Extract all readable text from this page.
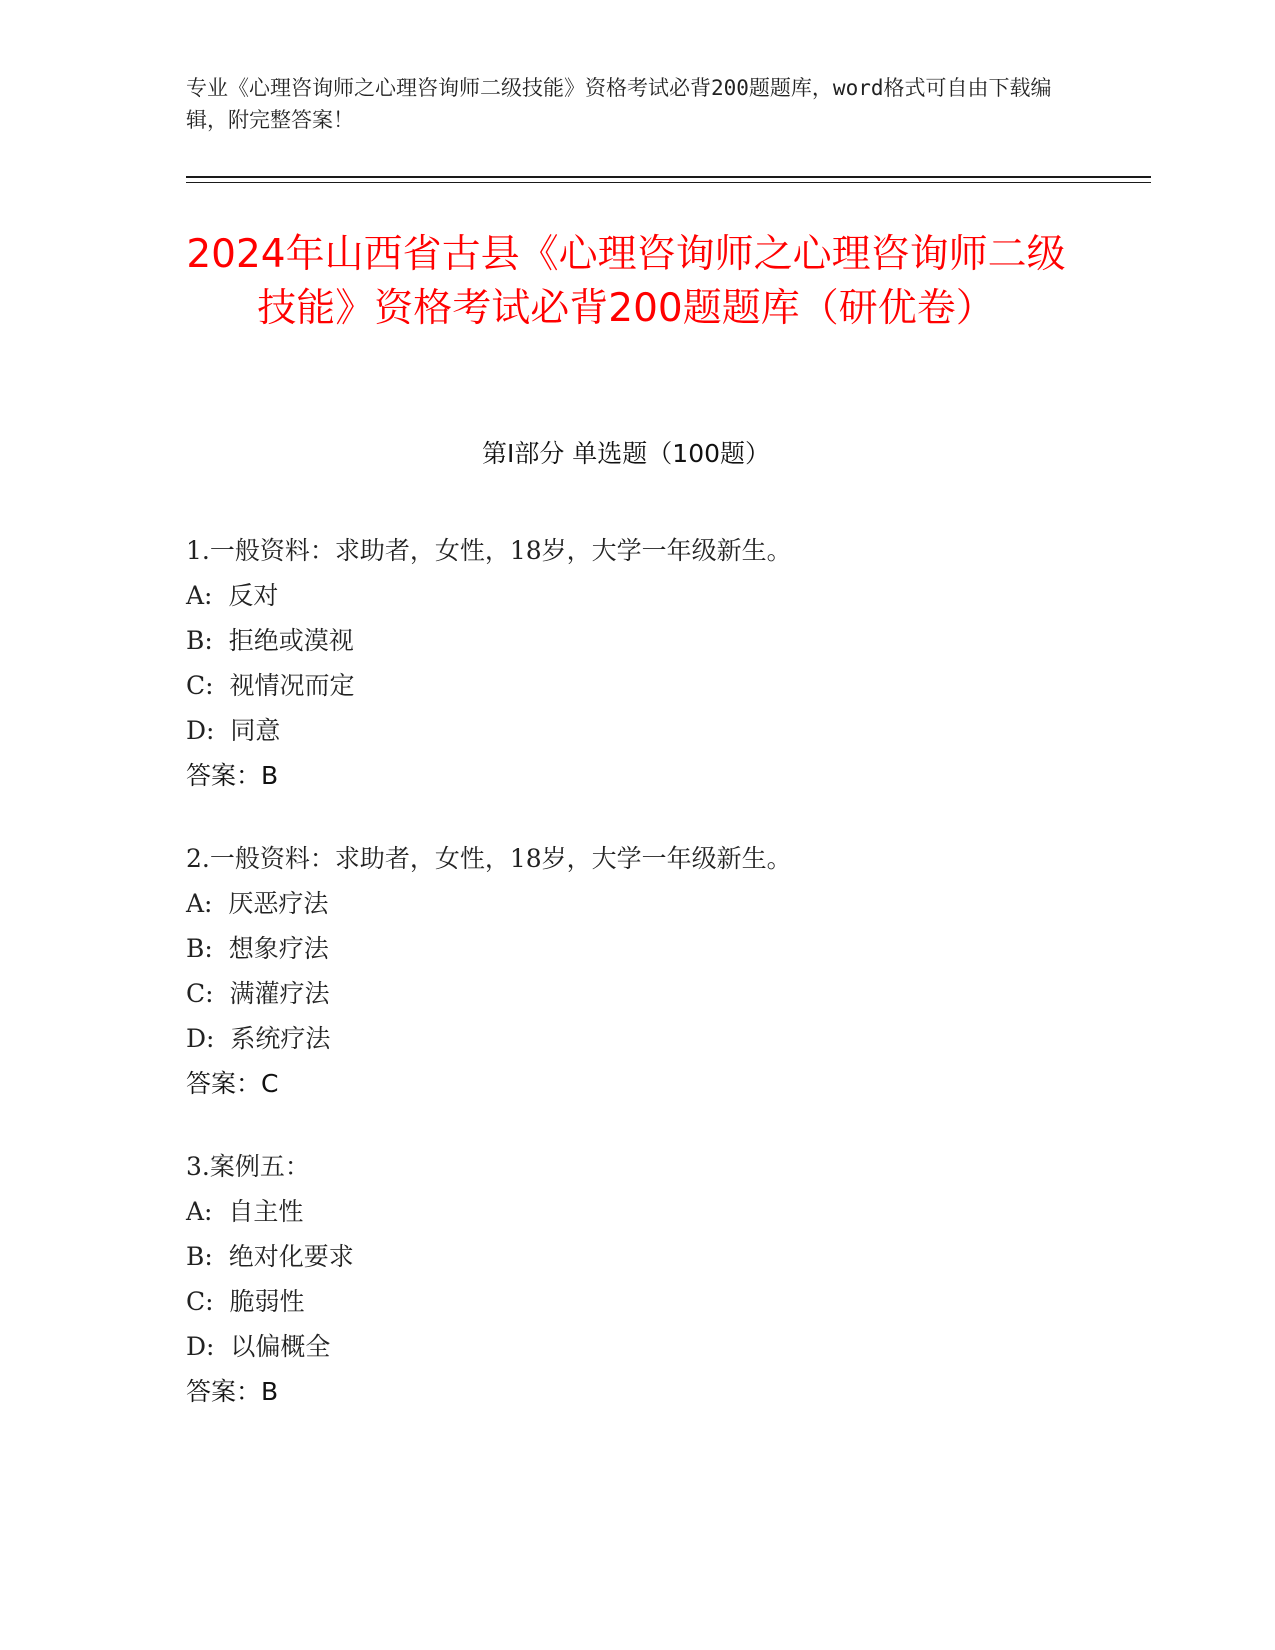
专业《心理咨询师之心理咨询师二级技能》资格考试必背200题题库，word格式可自由下载编辑，附完整答案！
2024年山西省古县《心理咨询师之心理咨询师二级技能》资格考试必背200题题库（研优卷）
第Ⅰ部分 单选题（100题）
1.一般资料：求助者，女性，18岁，大学一年级新生。
A:  反对
B:  拒绝或漠视
C:  视情况而定
D:  同意
答案：B
2.一般资料：求助者，女性，18岁，大学一年级新生。
A:  厌恶疗法
B:  想象疗法
C:  满灌疗法
D:  系统疗法
答案：C
3.案例五：
A:  自主性
B:  绝对化要求
C:  脆弱性
D:  以偏概全
答案：B
